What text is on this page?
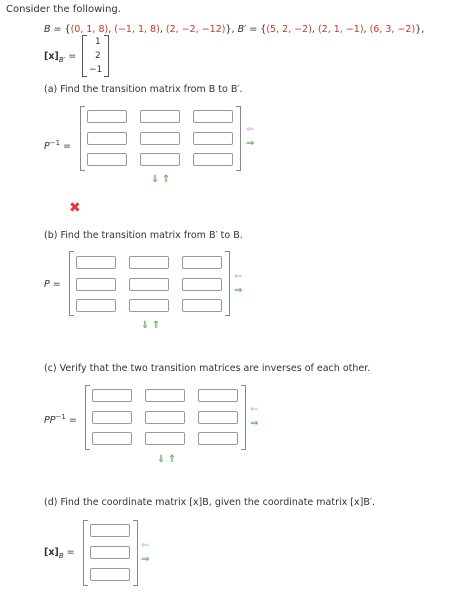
Consider the following.
B = {(0, 1, 8), (−1, 1, 8), (2, −2, −12)}, B′ = {(5, 2, −2), (2, 1, −1), (6, 3, −2)},
$[x]_{B'}$ =
1
2
−1
(a) Find the transition matrix from B to B′.
$P^{-1}$ =
⇐
⇒
⇓ ⇑
✖
(b) Find the transition matrix from B′ to B.
P =
⇐
⇒
⇓ ⇑
(c) Verify that the two transition matrices are inverses of each other.
$PP^{-1}$ =
⇐
⇒
⇓ ⇑
(d) Find the coordinate matrix [x]B, given the coordinate matrix [x]B′.
$[x]_B$ =
⇐
⇒
